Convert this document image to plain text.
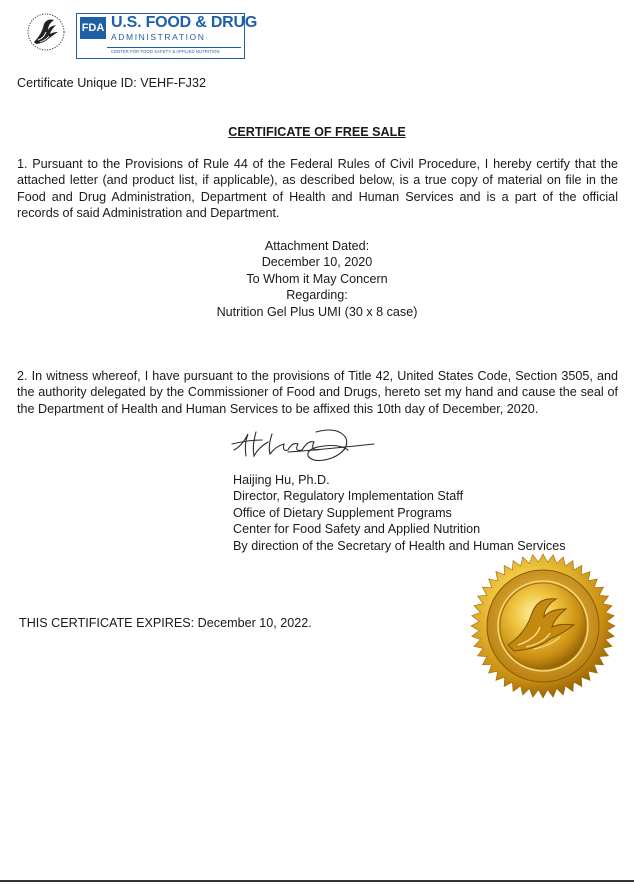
FDA U.S. FOOD & DRUG
ADMINISTRATION
CENTER FOR FOOD SAFETY & APPLIED NUTRITION
Certificate Unique ID: VEHF-FJ32
CERTIFICATE OF FREE SALE
1. Pursuant to the Provisions of Rule 44 of the Federal Rules of Civil Procedure, I hereby certify that the attached letter (and product list, if applicable), as described below, is a true copy of material on file in the Food and Drug Administration, Department of Health and Human Services and is a part of the official records of said Administration and Department.
Attachment Dated:
December 10, 2020
To Whom it May Concern
Regarding:
Nutrition Gel Plus UMI (30 x 8 case)
2. In witness whereof, I have pursuant to the provisions of Title 42, United States Code, Section 3505, and the authority delegated by the Commissioner of Food and Drugs, hereto set my hand and cause the seal of the Department of Health and Human Services to be affixed this 10th day of December, 2020.
Haijing Hu, Ph.D.
Director, Regulatory Implementation Staff
Office of Dietary Supplement Programs
Center for Food Safety and Applied Nutrition
By direction of the Secretary of Health and Human Services
THIS CERTIFICATE EXPIRES: December 10, 2022.
